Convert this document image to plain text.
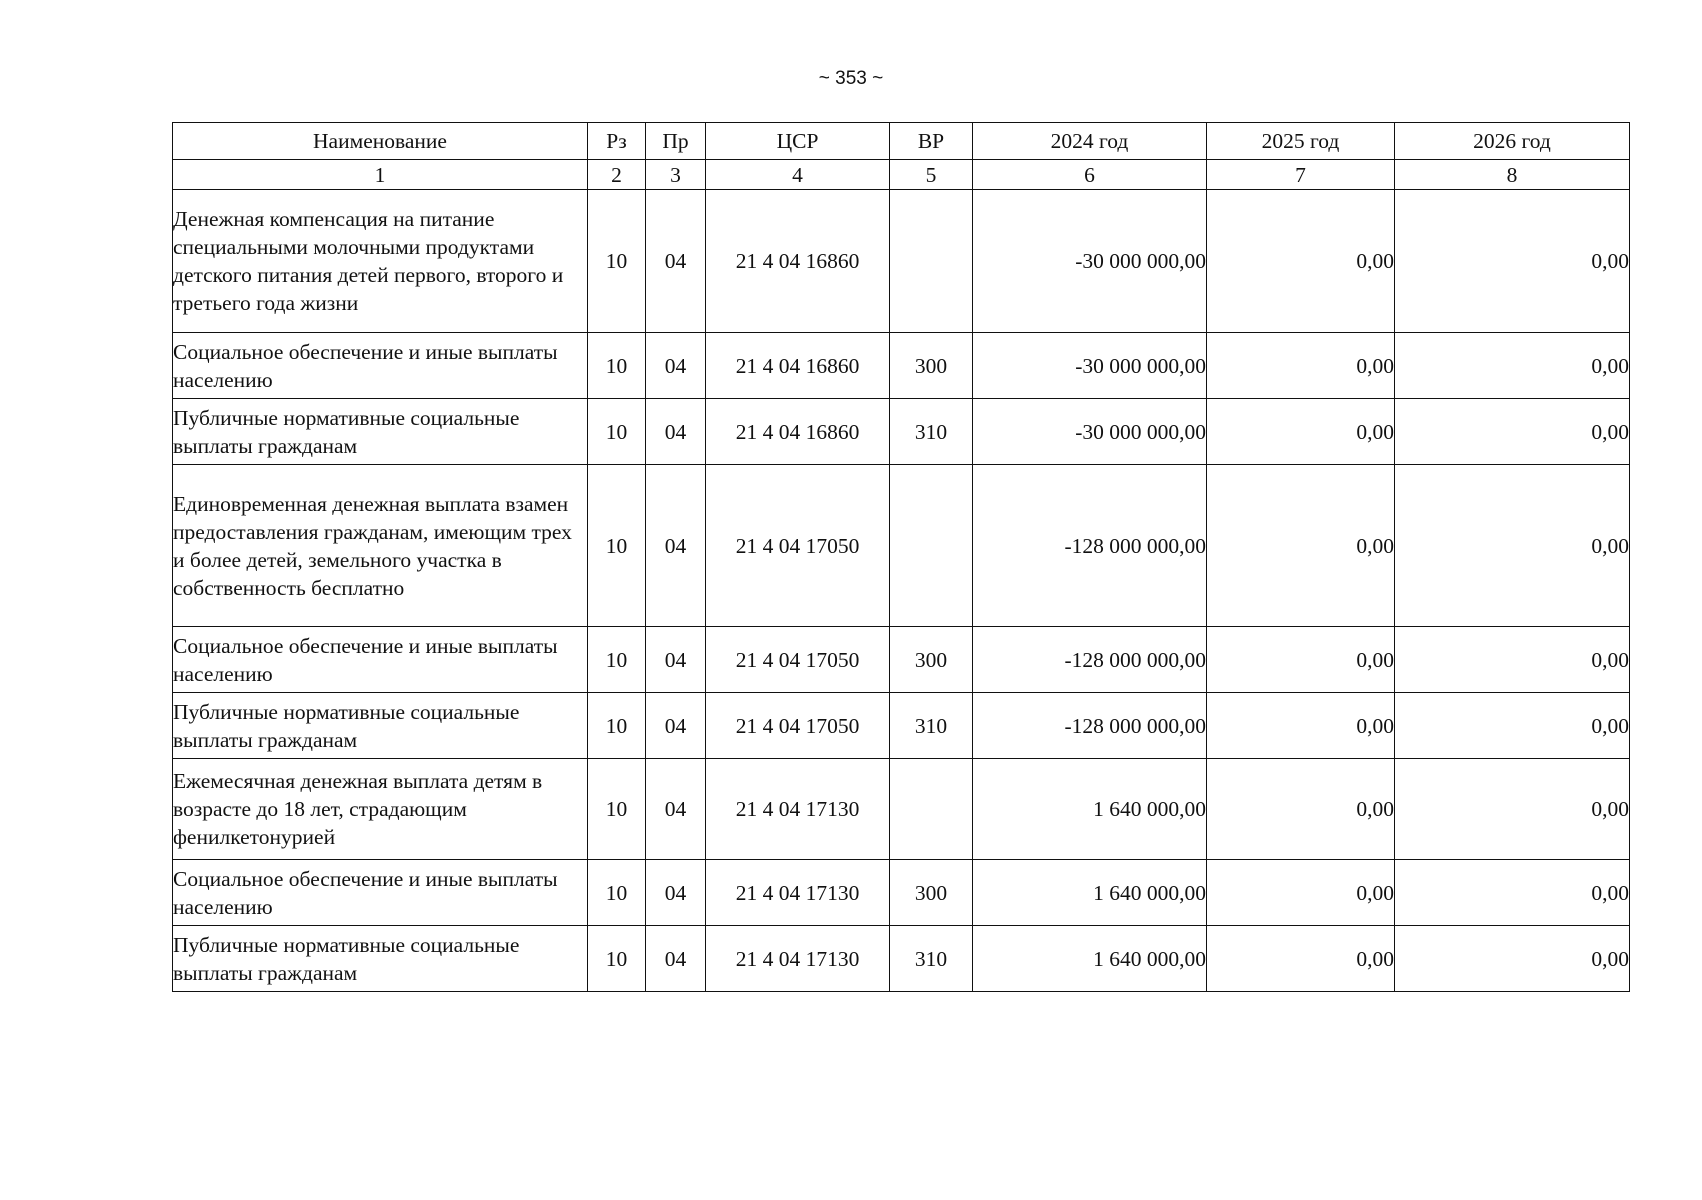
~ 353 ~
Наименование	Рз	Пр	ЦСР	ВР	2024 год	2025 год	2026 год
1	2	3	4	5	6	7	8
Денежная компенсация на питание специальными молочными продуктами детского питания детей первого, второго и третьего года жизни	10	04	21 4 04 16860		-30 000 000,00	0,00	0,00
Социальное обеспечение и иные выплаты населению	10	04	21 4 04 16860	300	-30 000 000,00	0,00	0,00
Публичные нормативные социальные выплаты гражданам	10	04	21 4 04 16860	310	-30 000 000,00	0,00	0,00
Единовременная денежная выплата взамен предоставления гражданам, имеющим трех и более детей, земельного участка в собственность бесплатно	10	04	21 4 04 17050		-128 000 000,00	0,00	0,00
Социальное обеспечение и иные выплаты населению	10	04	21 4 04 17050	300	-128 000 000,00	0,00	0,00
Публичные нормативные социальные выплаты гражданам	10	04	21 4 04 17050	310	-128 000 000,00	0,00	0,00
Ежемесячная денежная выплата детям в возрасте до 18 лет, страдающим фенилкетонурией	10	04	21 4 04 17130		1 640 000,00	0,00	0,00
Социальное обеспечение и иные выплаты населению	10	04	21 4 04 17130	300	1 640 000,00	0,00	0,00
Публичные нормативные социальные выплаты гражданам	10	04	21 4 04 17130	310	1 640 000,00	0,00	0,00
